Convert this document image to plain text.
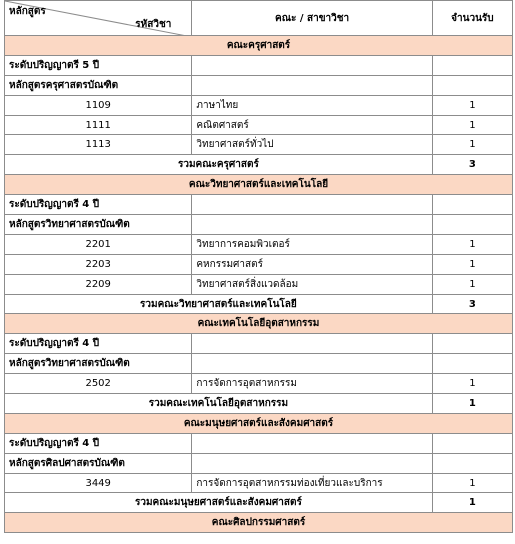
หลักสูตร
รหัสวิชา	คณะ / สาขาวิชา	จำนวนรับ
คณะครุศาสตร์		
ระดับปริญญาตรี 5 ปี		
หลักสูตรครุศาสตรบัณฑิต		
1109	ภาษาไทย	1
1111	คณิตศาสตร์	1
1113	วิทยาศาสตร์ทั่วไป	1
รวมคณะครุศาสตร์		3
คณะวิทยาศาสตร์และเทคโนโลยี		
ระดับปริญญาตรี 4 ปี		
หลักสูตรวิทยาศาสตรบัณฑิต		
2201	วิทยาการคอมพิวเตอร์	1
2203	คหกรรมศาสตร์	1
2209	วิทยาศาสตร์สิ่งแวดล้อม	1
รวมคณะวิทยาศาสตร์และเทคโนโลยี		3
คณะเทคโนโลยีอุตสาหกรรม		
ระดับปริญญาตรี 4 ปี		
หลักสูตรวิทยาศาสตรบัณฑิต		
2502	การจัดการอุตสาหกรรม	1
รวมคณะเทคโนโลยีอุตสาหกรรม		1
คณะมนุษยศาสตร์และสังคมศาสตร์		
ระดับปริญญาตรี 4 ปี		
หลักสูตรศิลปศาสตรบัณฑิต		
3449	การจัดการอุตสาหกรรมท่องเที่ยวและบริการ	1
รวมคณะมนุษยศาสตร์และสังคมศาสตร์		1
คณะศิลปกรรมศาสตร์		
